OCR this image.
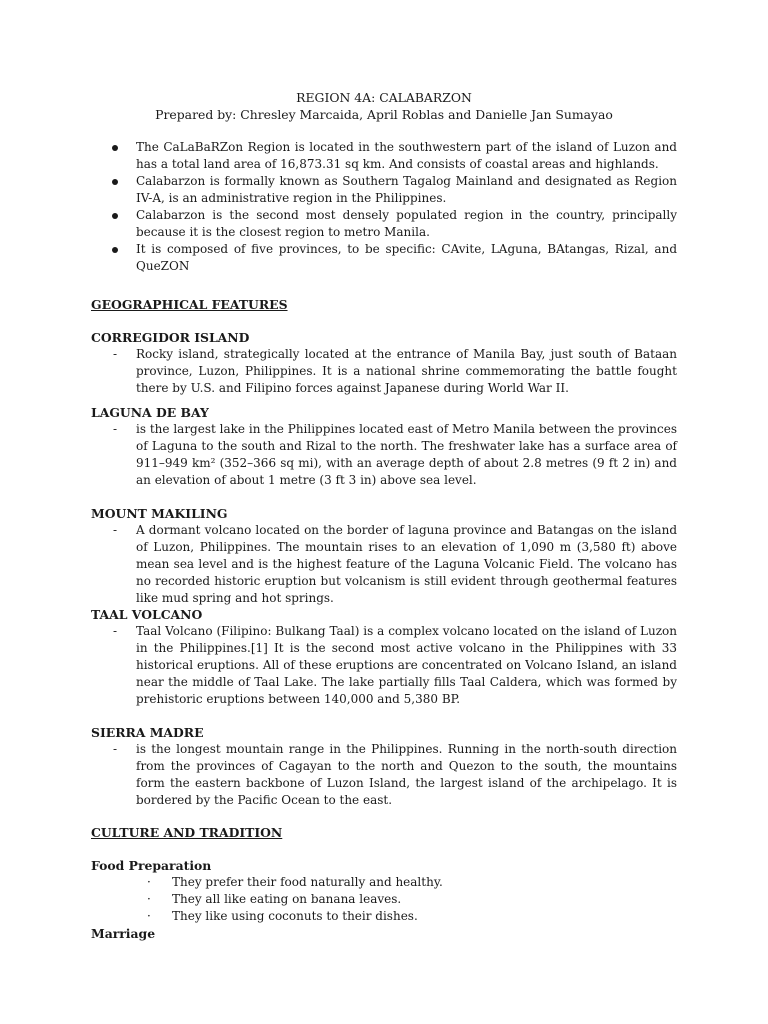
REGION 4A: CALABARZON
Prepared by: Chresley Marcaida, April Roblas and Danielle Jan Sumayao
The CaLaBaRZon Region is located in the southwestern part of the island of Luzon and has a total land area of 16,873.31 sq km. And consists of coastal areas and highlands.
Calabarzon is formally known as Southern Tagalog Mainland and designated as Region IV-A, is an administrative region in the Philippines.
Calabarzon is the second most densely populated region in the country, principally because it is the closest region to metro Manila.
It is composed of five provinces, to be specific: CAvite, LAguna, BAtangas, Rizal, and QueZON
GEOGRAPHICAL FEATURES
CORREGIDOR ISLAND
-	Rocky island, strategically located at the entrance of Manila Bay, just south of Bataan province, Luzon, Philippines. It is a national shrine commemorating the battle fought there by U.S. and Filipino forces against Japanese during World War II.
LAGUNA DE BAY
-	is the largest lake in the Philippines located east of Metro Manila between the provinces of Laguna to the south and Rizal to the north. The freshwater lake has a surface area of 911–949 km² (352–366 sq mi), with an average depth of about 2.8 metres (9 ft 2 in) and an elevation of about 1 metre (3 ft 3 in) above sea level.
MOUNT MAKILING
-	A dormant volcano located on the border of laguna province and Batangas on the island of Luzon, Philippines. The mountain rises to an elevation of 1,090 m (3,580 ft) above mean sea level and is the highest feature of the Laguna Volcanic Field. The volcano has no recorded historic eruption but volcanism is still evident through geothermal features like mud spring and hot springs.
TAAL VOLCANO
-	Taal Volcano (Filipino: Bulkang Taal) is a complex volcano located on the island of Luzon in the Philippines.[1] It is the second most active volcano in the Philippines with 33 historical eruptions. All of these eruptions are concentrated on Volcano Island, an island near the middle of Taal Lake. The lake partially fills Taal Caldera, which was formed by prehistoric eruptions between 140,000 and 5,380 BP.
SIERRA MADRE
-	is the longest mountain range in the Philippines. Running in the north-south direction from the provinces of Cagayan to the north and Quezon to the south, the mountains form the eastern backbone of Luzon Island, the largest island of the archipelago. It is bordered by the Pacific Ocean to the east.
CULTURE AND TRADITION
Food Preparation
· They prefer their food naturally and healthy.
· They all like eating on banana leaves.
· They like using coconuts to their dishes.
Marriage
